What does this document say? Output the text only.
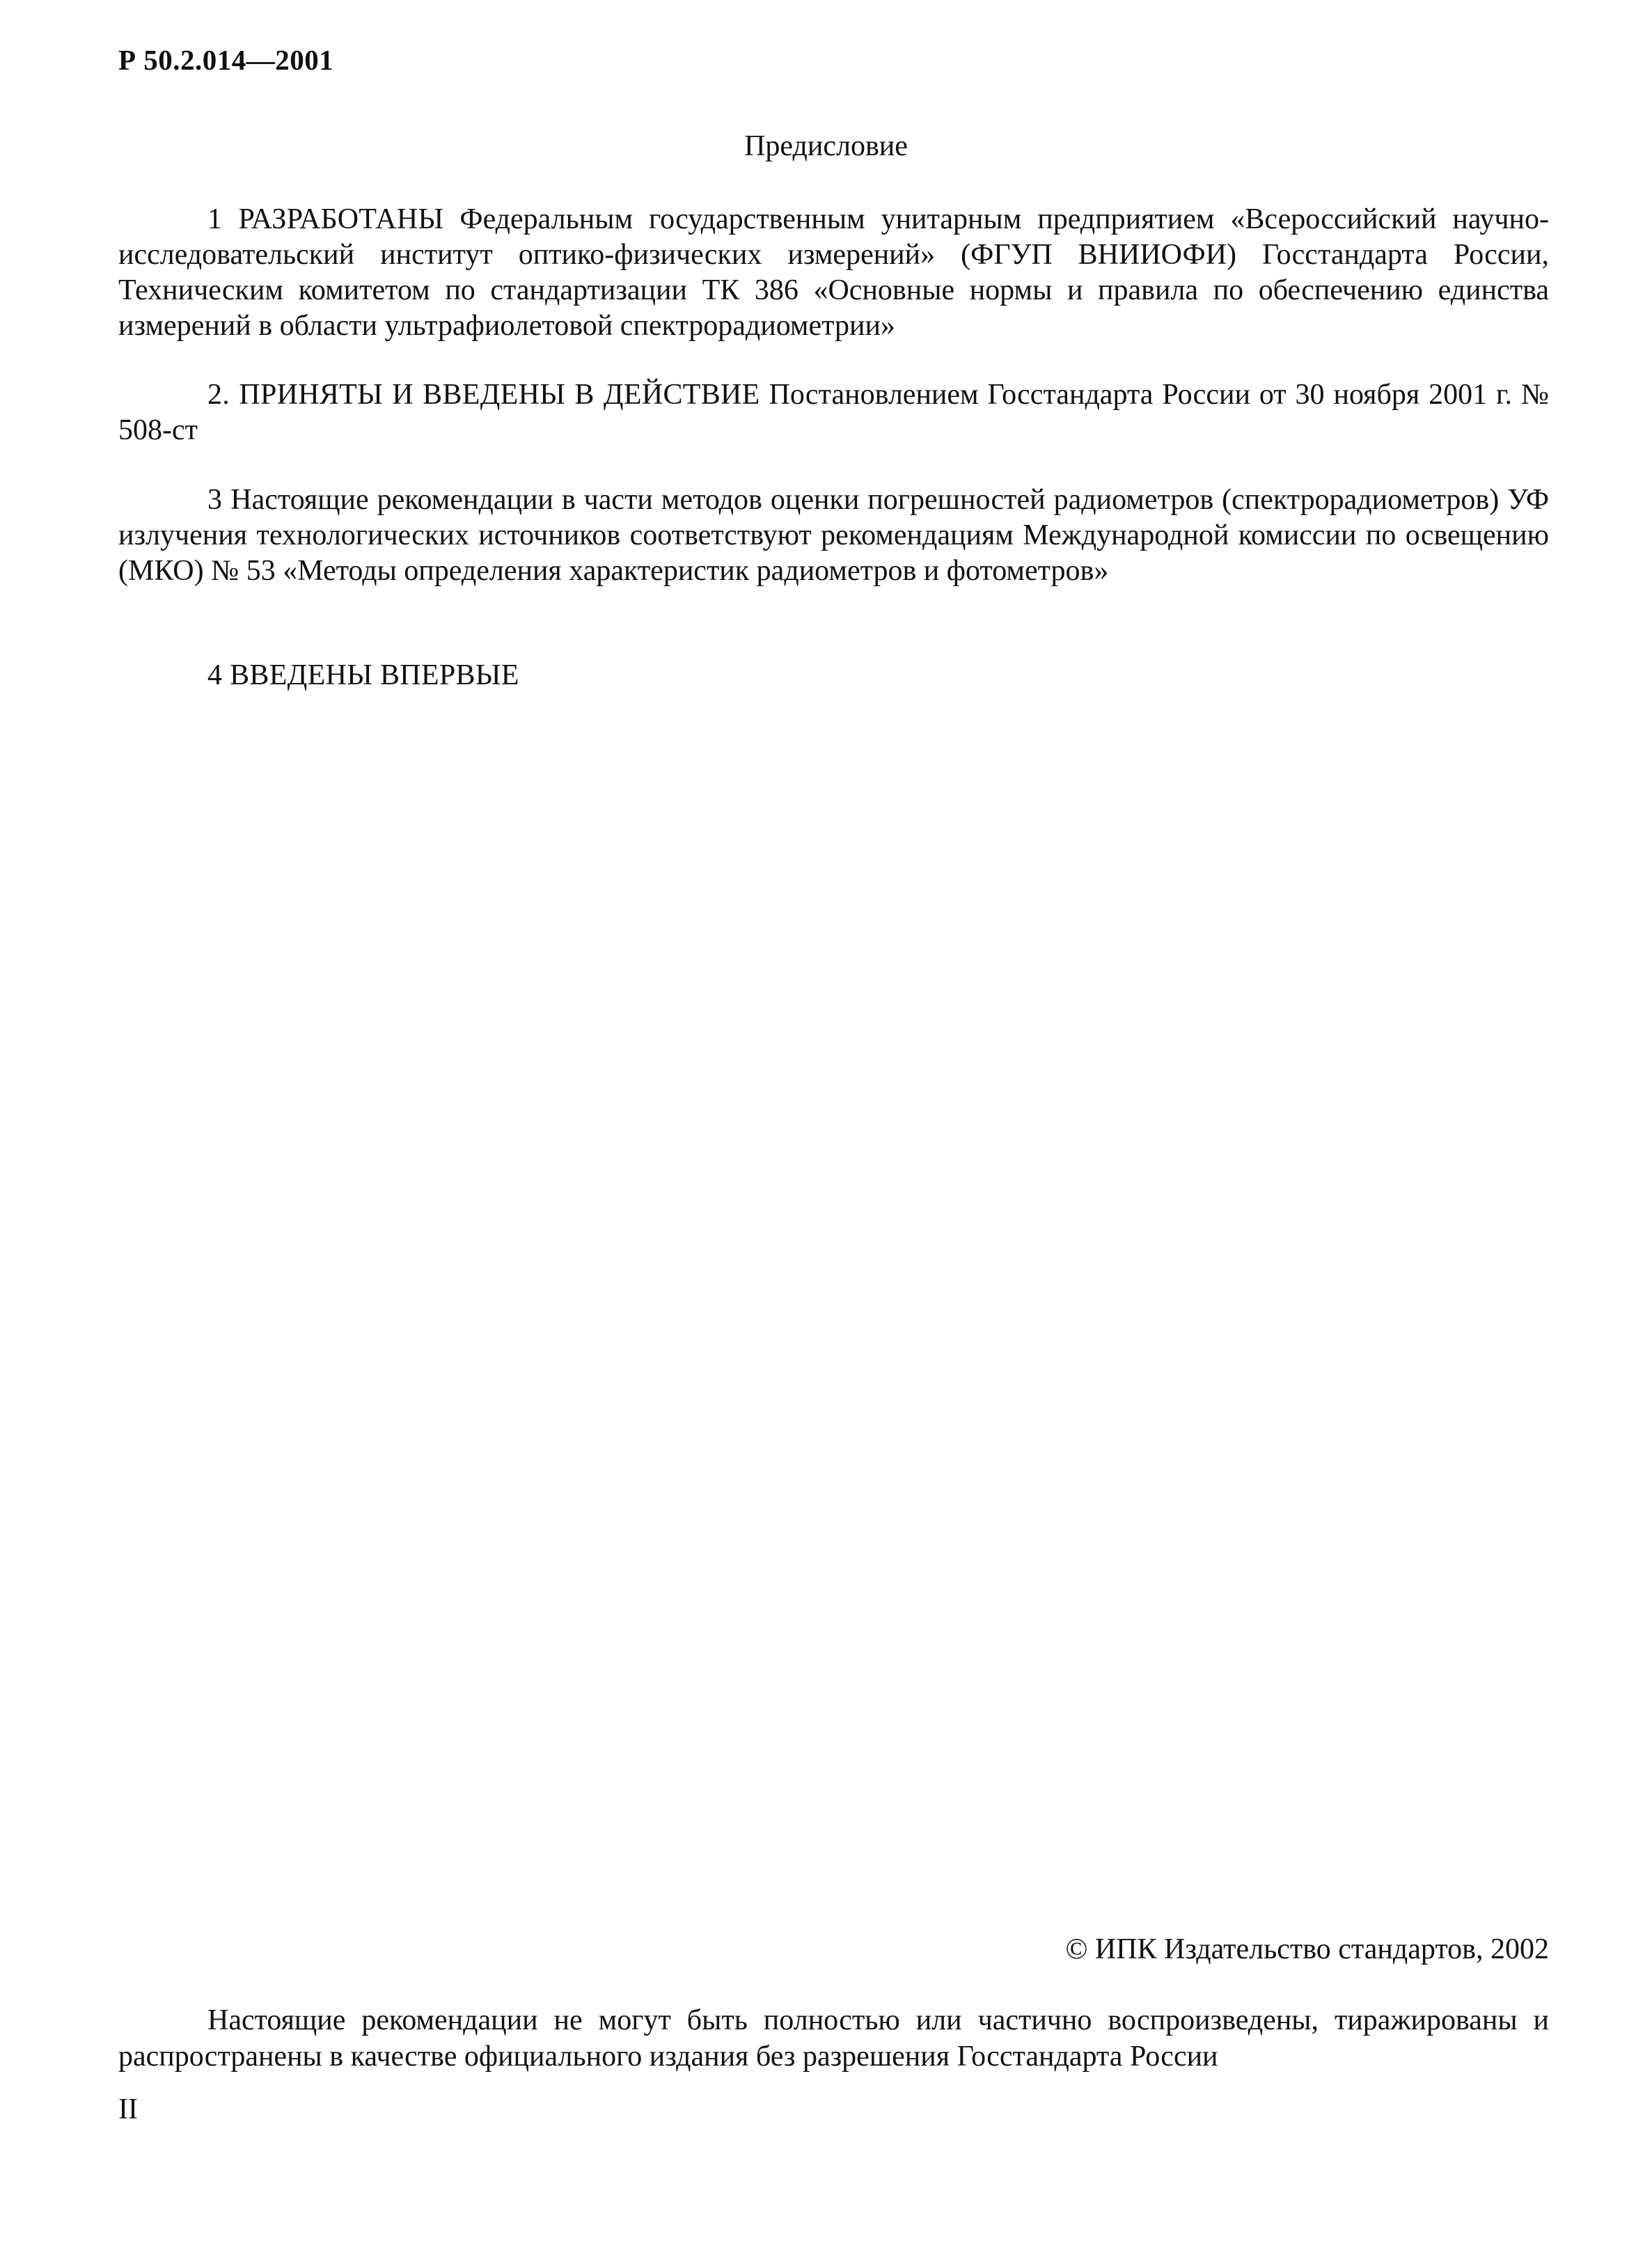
Р 50.2.014—2001
Предисловие

1 РАЗРАБОТАНЫ Федеральным государственным унитарным предприятием «Всероссийский научно-исследовательский институт оптико-физических измерений» (ФГУП ВНИИОФИ) Госстандарта России, Техническим комитетом по стандартизации ТК 386 «Основные нормы и правила по обеспечению единства измерений в области ультрафиолетовой спектрорадиометрии»

2. ПРИНЯТЫ И ВВЕДЕНЫ В ДЕЙСТВИЕ Постановлением Госстандарта России от 30 ноября 2001 г. № 508-ст

3 Настоящие рекомендации в части методов оценки погрешностей радиометров (спектрорадиометров) УФ излучения технологических источников соответствуют рекомендациям Международной комиссии по освещению (МКО) № 53 «Методы определения характеристик радиометров и фотометров»

4 ВВЕДЕНЫ ВПЕРВЫЕ

© ИПК Издательство стандартов, 2002

Настоящие рекомендации не могут быть полностью или частично воспроизведены, тиражированы и распространены в качестве официального издания без разрешения Госстандарта России

II
